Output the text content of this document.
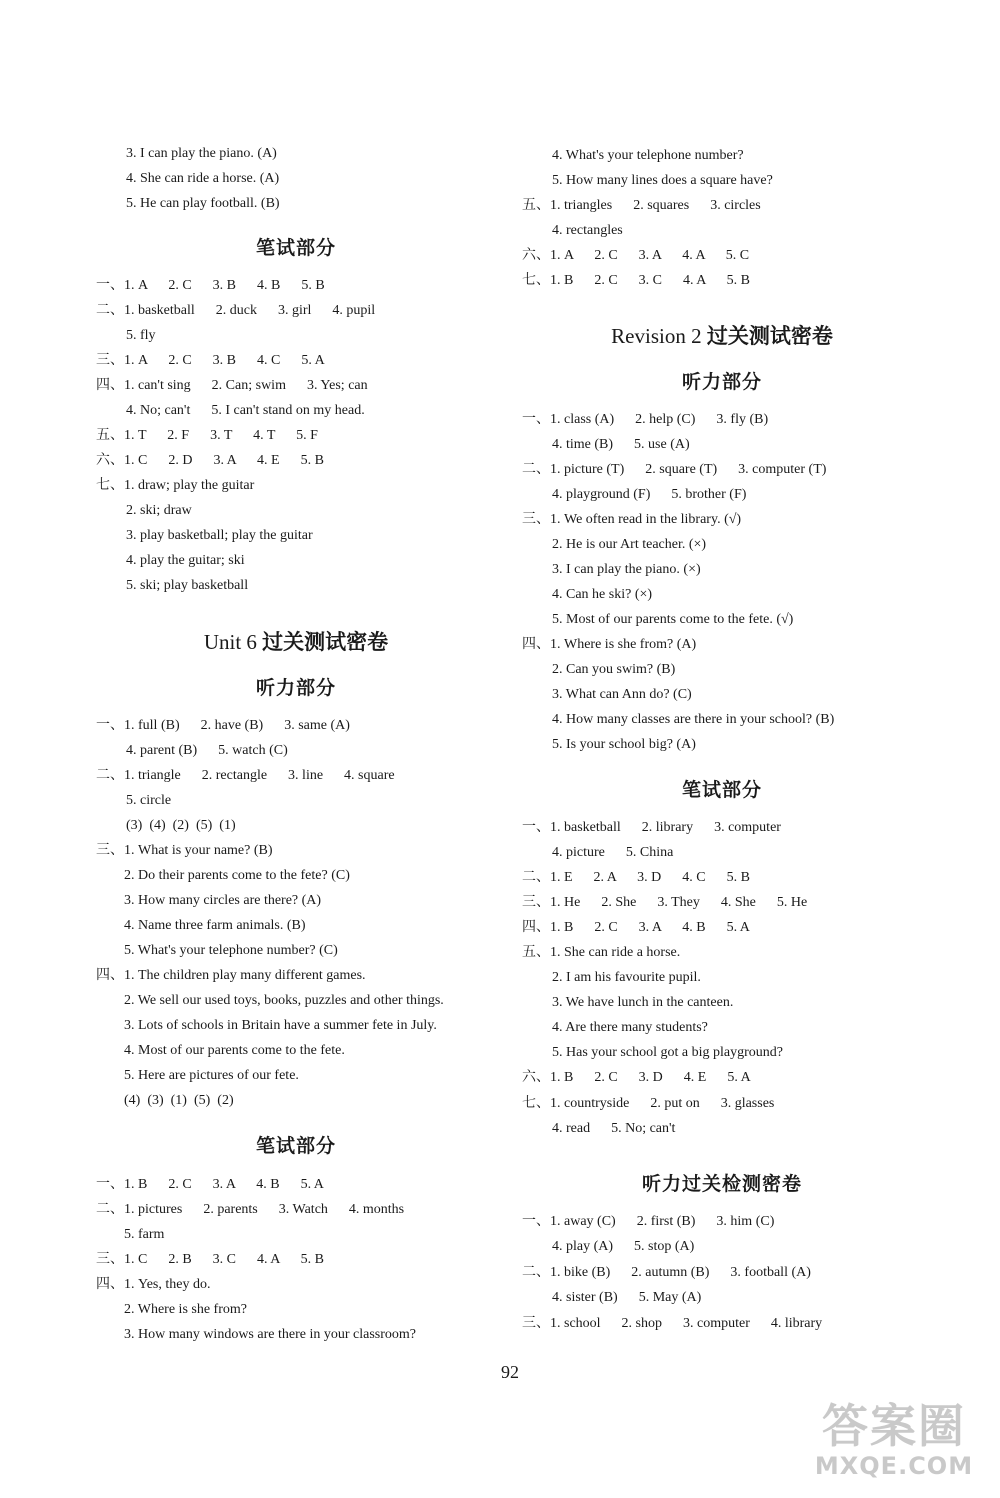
3. I can play the piano. (A)
4. She can ride a horse. (A)
5. He can play football. (B)
笔试部分
一、1. A      2. C      3. B      4. B      5. B
二、1. basketball      2. duck      3. girl      4. pupil
5. fly
三、1. A      2. C      3. B      4. C      5. A
四、1. can't sing      2. Can; swim      3. Yes; can
4. No; can't      5. I can't stand on my head.
五、1. T      2. F      3. T      4. T      5. F
六、1. C      2. D      3. A      4. E      5. B
七、1. draw; play the guitar
2. ski; draw
3. play basketball; play the guitar
4. play the guitar; ski
5. ski; play basketball
Unit 6 过关测试密卷
听力部分
一、1. full (B)      2. have (B)      3. same (A)
4. parent (B)      5. watch (C)
二、1. triangle      2. rectangle      3. line      4. square
5. circle
(3)  (4)  (2)  (5)  (1)
三、1. What is your name? (B)
2. Do their parents come to the fete? (C)
3. How many circles are there? (A)
4. Name three farm animals. (B)
5. What's your telephone number? (C)
四、1. The children play many different games.
2. We sell our used toys, books, puzzles and other things.
3. Lots of schools in Britain have a summer fete in July.
4. Most of our parents come to the fete.
5. Here are pictures of our fete.
(4)  (3)  (1)  (5)  (2)
笔试部分
一、1. B      2. C      3. A      4. B      5. A
二、1. pictures      2. parents      3. Watch      4. months
5. farm
三、1. C      2. B      3. C      4. A      5. B
四、1. Yes, they do.
2. Where is she from?
3. How many windows are there in your classroom?
4. What's your telephone number?
5. How many lines does a square have?
五、1. triangles      2. squares      3. circles
4. rectangles
六、1. A      2. C      3. A      4. A      5. C
七、1. B      2. C      3. C      4. A      5. B
Revision 2 过关测试密卷
听力部分
一、1. class (A)      2. help (C)      3. fly (B)
4. time (B)      5. use (A)
二、1. picture (T)      2. square (T)      3. computer (T)
4. playground (F)      5. brother (F)
三、1. We often read in the library. (√)
2. He is our Art teacher. (×)
3. I can play the piano. (×)
4. Can he ski? (×)
5. Most of our parents come to the fete. (√)
四、1. Where is she from? (A)
2. Can you swim? (B)
3. What can Ann do? (C)
4. How many classes are there in your school? (B)
5. Is your school big? (A)
笔试部分
一、1. basketball      2. library      3. computer
4. picture      5. China
二、1. E      2. A      3. D      4. C      5. B
三、1. He      2. She      3. They      4. She      5. He
四、1. B      2. C      3. A      4. B      5. A
五、1. She can ride a horse.
2. I am his favourite pupil.
3. We have lunch in the canteen.
4. Are there many students?
5. Has your school got a big playground?
六、1. B      2. C      3. D      4. E      5. A
七、1. countryside      2. put on      3. glasses
4. read      5. No; can't
听力过关检测密卷
一、1. away (C)      2. first (B)      3. him (C)
4. play (A)      5. stop (A)
二、1. bike (B)      2. autumn (B)      3. football (A)
4. sister (B)      5. May (A)
三、1. school      2. shop      3. computer      4. library
92
答案圈
MXQE.COM
